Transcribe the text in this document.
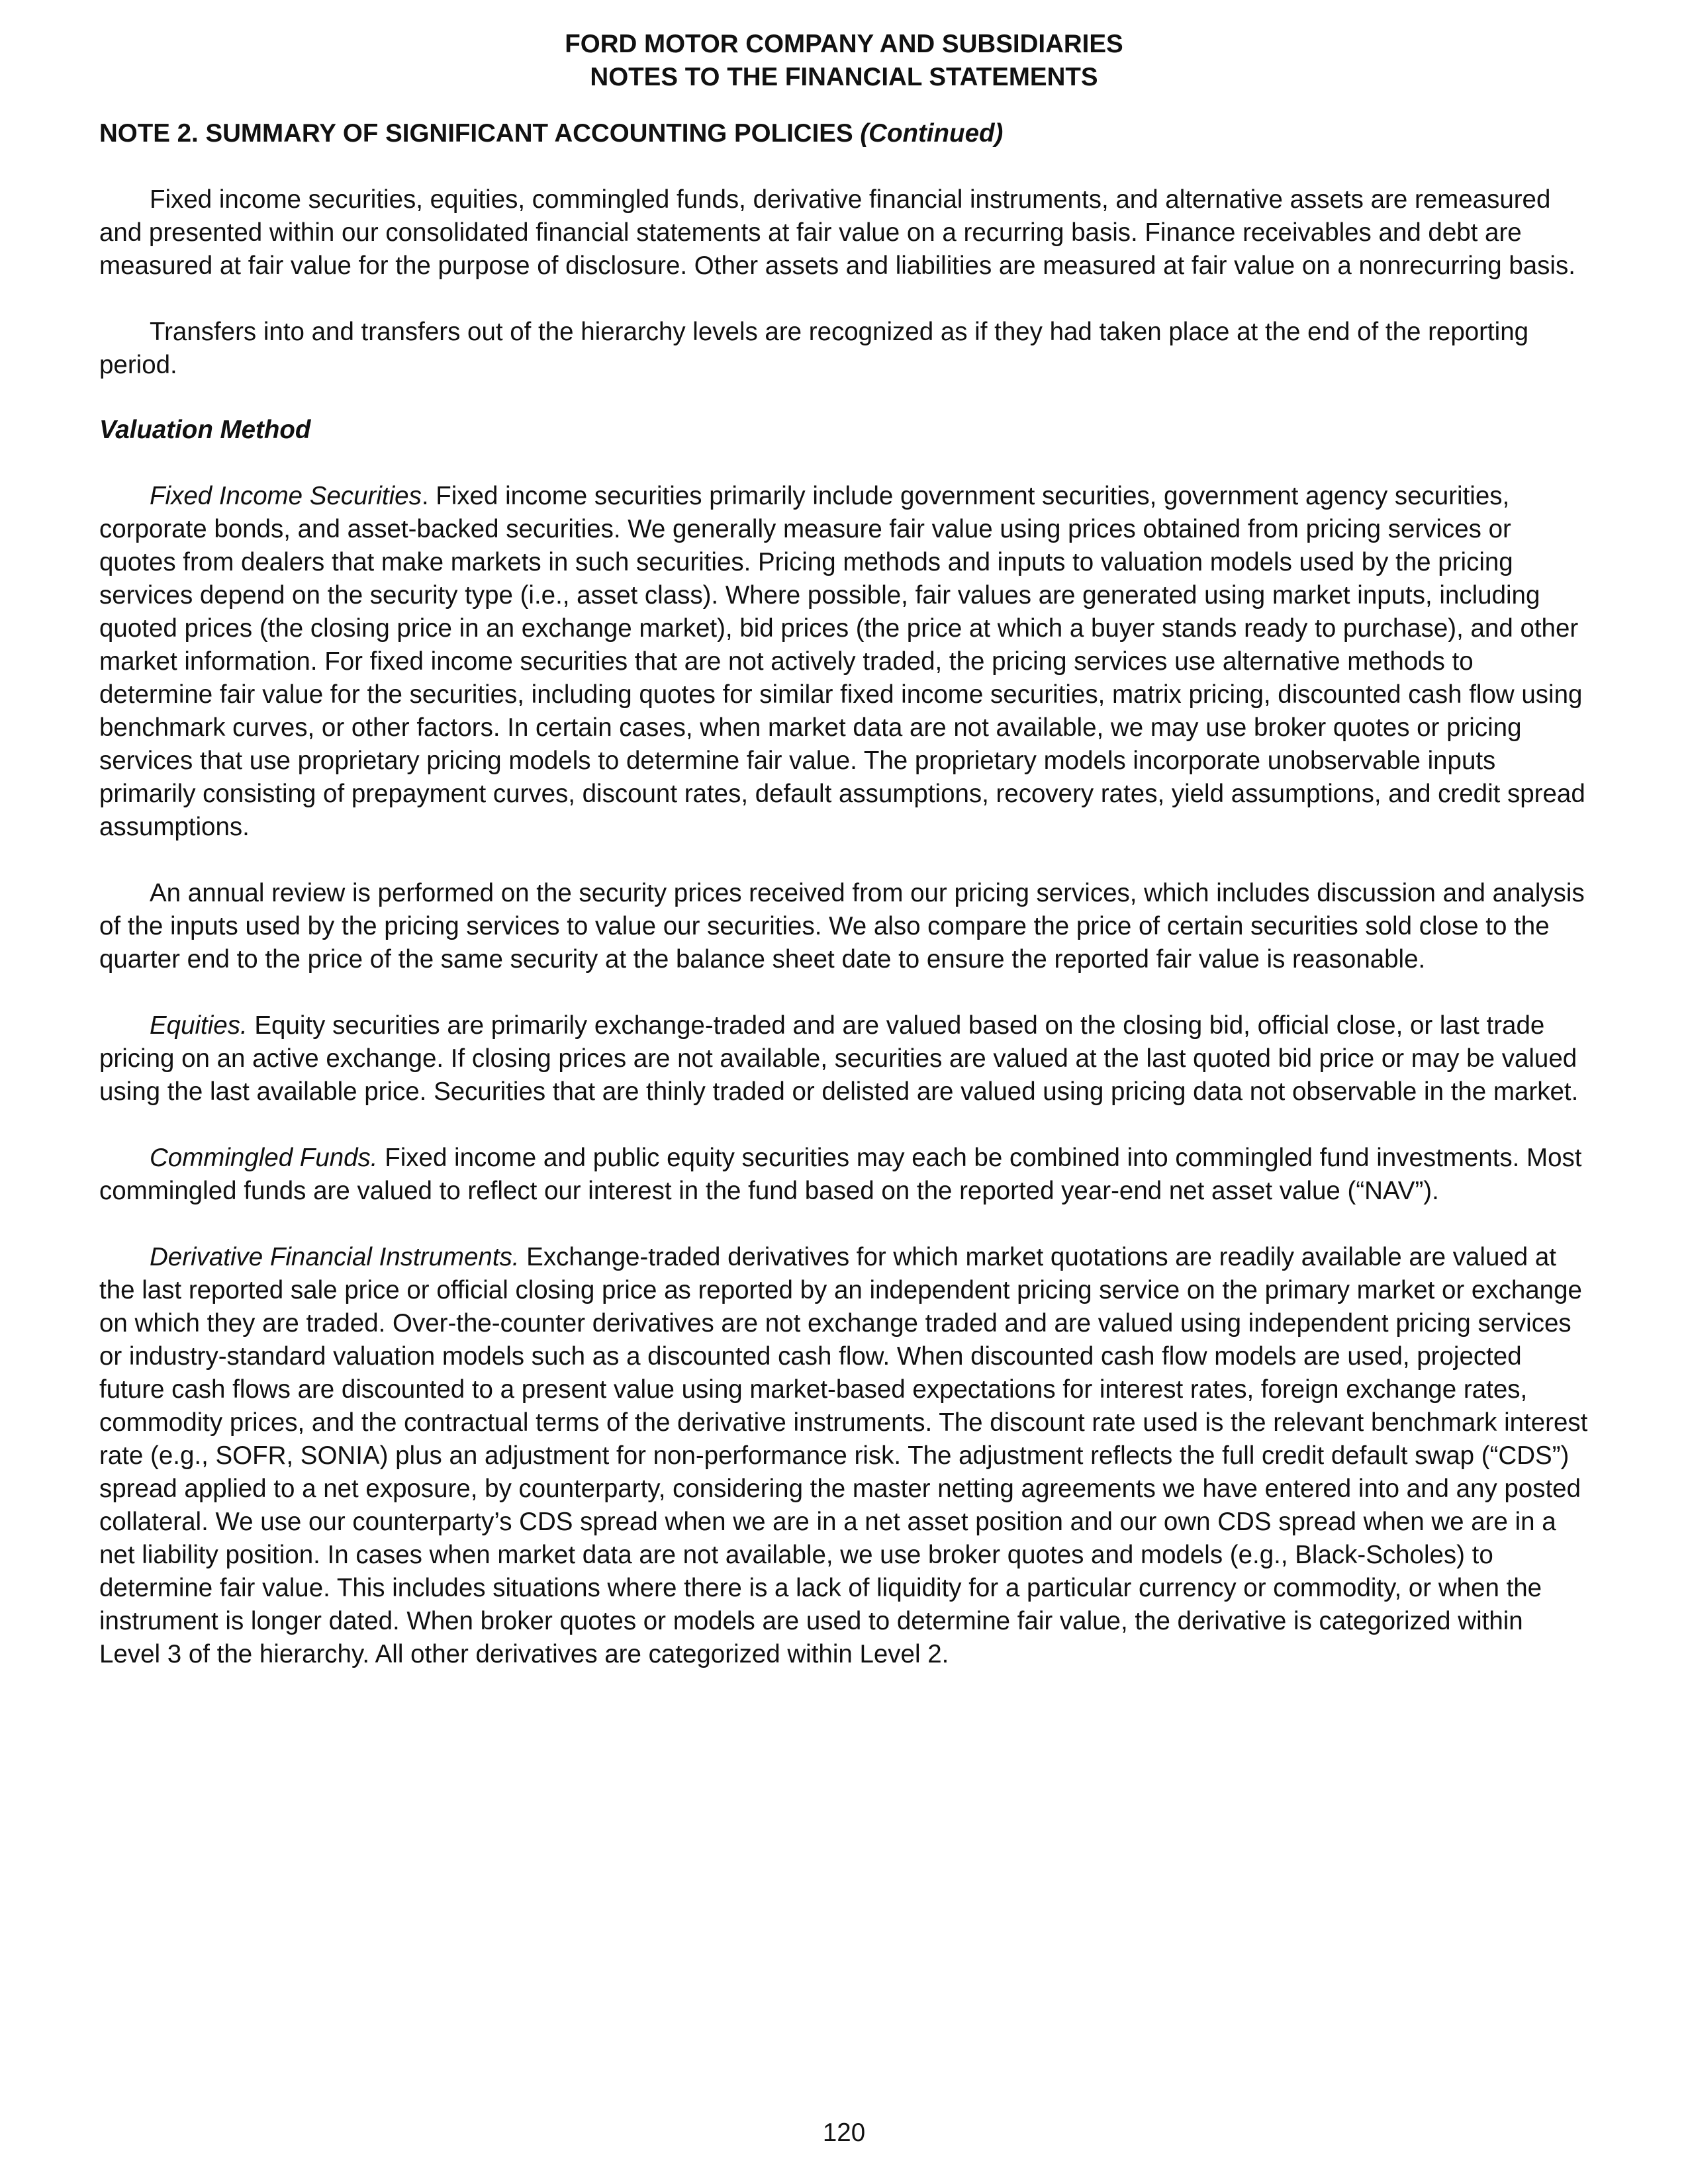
FORD MOTOR COMPANY AND SUBSIDIARIES
NOTES TO THE FINANCIAL STATEMENTS
NOTE 2. SUMMARY OF SIGNIFICANT ACCOUNTING POLICIES (Continued)

Fixed income securities, equities, commingled funds, derivative financial instruments, and alternative assets are remeasured and presented within our consolidated financial statements at fair value on a recurring basis. Finance receivables and debt are measured at fair value for the purpose of disclosure. Other assets and liabilities are measured at fair value on a nonrecurring basis.

Transfers into and transfers out of the hierarchy levels are recognized as if they had taken place at the end of the reporting period.

Valuation Method

Fixed Income Securities. Fixed income securities primarily include government securities, government agency securities, corporate bonds, and asset-backed securities. We generally measure fair value using prices obtained from pricing services or quotes from dealers that make markets in such securities. Pricing methods and inputs to valuation models used by the pricing services depend on the security type (i.e., asset class). Where possible, fair values are generated using market inputs, including quoted prices (the closing price in an exchange market), bid prices (the price at which a buyer stands ready to purchase), and other market information. For fixed income securities that are not actively traded, the pricing services use alternative methods to determine fair value for the securities, including quotes for similar fixed income securities, matrix pricing, discounted cash flow using benchmark curves, or other factors. In certain cases, when market data are not available, we may use broker quotes or pricing services that use proprietary pricing models to determine fair value. The proprietary models incorporate unobservable inputs primarily consisting of prepayment curves, discount rates, default assumptions, recovery rates, yield assumptions, and credit spread assumptions.

An annual review is performed on the security prices received from our pricing services, which includes discussion and analysis of the inputs used by the pricing services to value our securities. We also compare the price of certain securities sold close to the quarter end to the price of the same security at the balance sheet date to ensure the reported fair value is reasonable.

Equities. Equity securities are primarily exchange-traded and are valued based on the closing bid, official close, or last trade pricing on an active exchange. If closing prices are not available, securities are valued at the last quoted bid price or may be valued using the last available price. Securities that are thinly traded or delisted are valued using pricing data not observable in the market.

Commingled Funds. Fixed income and public equity securities may each be combined into commingled fund investments. Most commingled funds are valued to reflect our interest in the fund based on the reported year-end net asset value (“NAV”).

Derivative Financial Instruments. Exchange-traded derivatives for which market quotations are readily available are valued at the last reported sale price or official closing price as reported by an independent pricing service on the primary market or exchange on which they are traded. Over-the-counter derivatives are not exchange traded and are valued using independent pricing services or industry-standard valuation models such as a discounted cash flow. When discounted cash flow models are used, projected future cash flows are discounted to a present value using market-based expectations for interest rates, foreign exchange rates, commodity prices, and the contractual terms of the derivative instruments. The discount rate used is the relevant benchmark interest rate (e.g., SOFR, SONIA) plus an adjustment for non-performance risk. The adjustment reflects the full credit default swap (“CDS”) spread applied to a net exposure, by counterparty, considering the master netting agreements we have entered into and any posted collateral. We use our counterparty’s CDS spread when we are in a net asset position and our own CDS spread when we are in a net liability position. In cases when market data are not available, we use broker quotes and models (e.g., Black-Scholes) to determine fair value. This includes situations where there is a lack of liquidity for a particular currency or commodity, or when the instrument is longer dated. When broker quotes or models are used to determine fair value, the derivative is categorized within Level 3 of the hierarchy. All other derivatives are categorized within Level 2.

120
